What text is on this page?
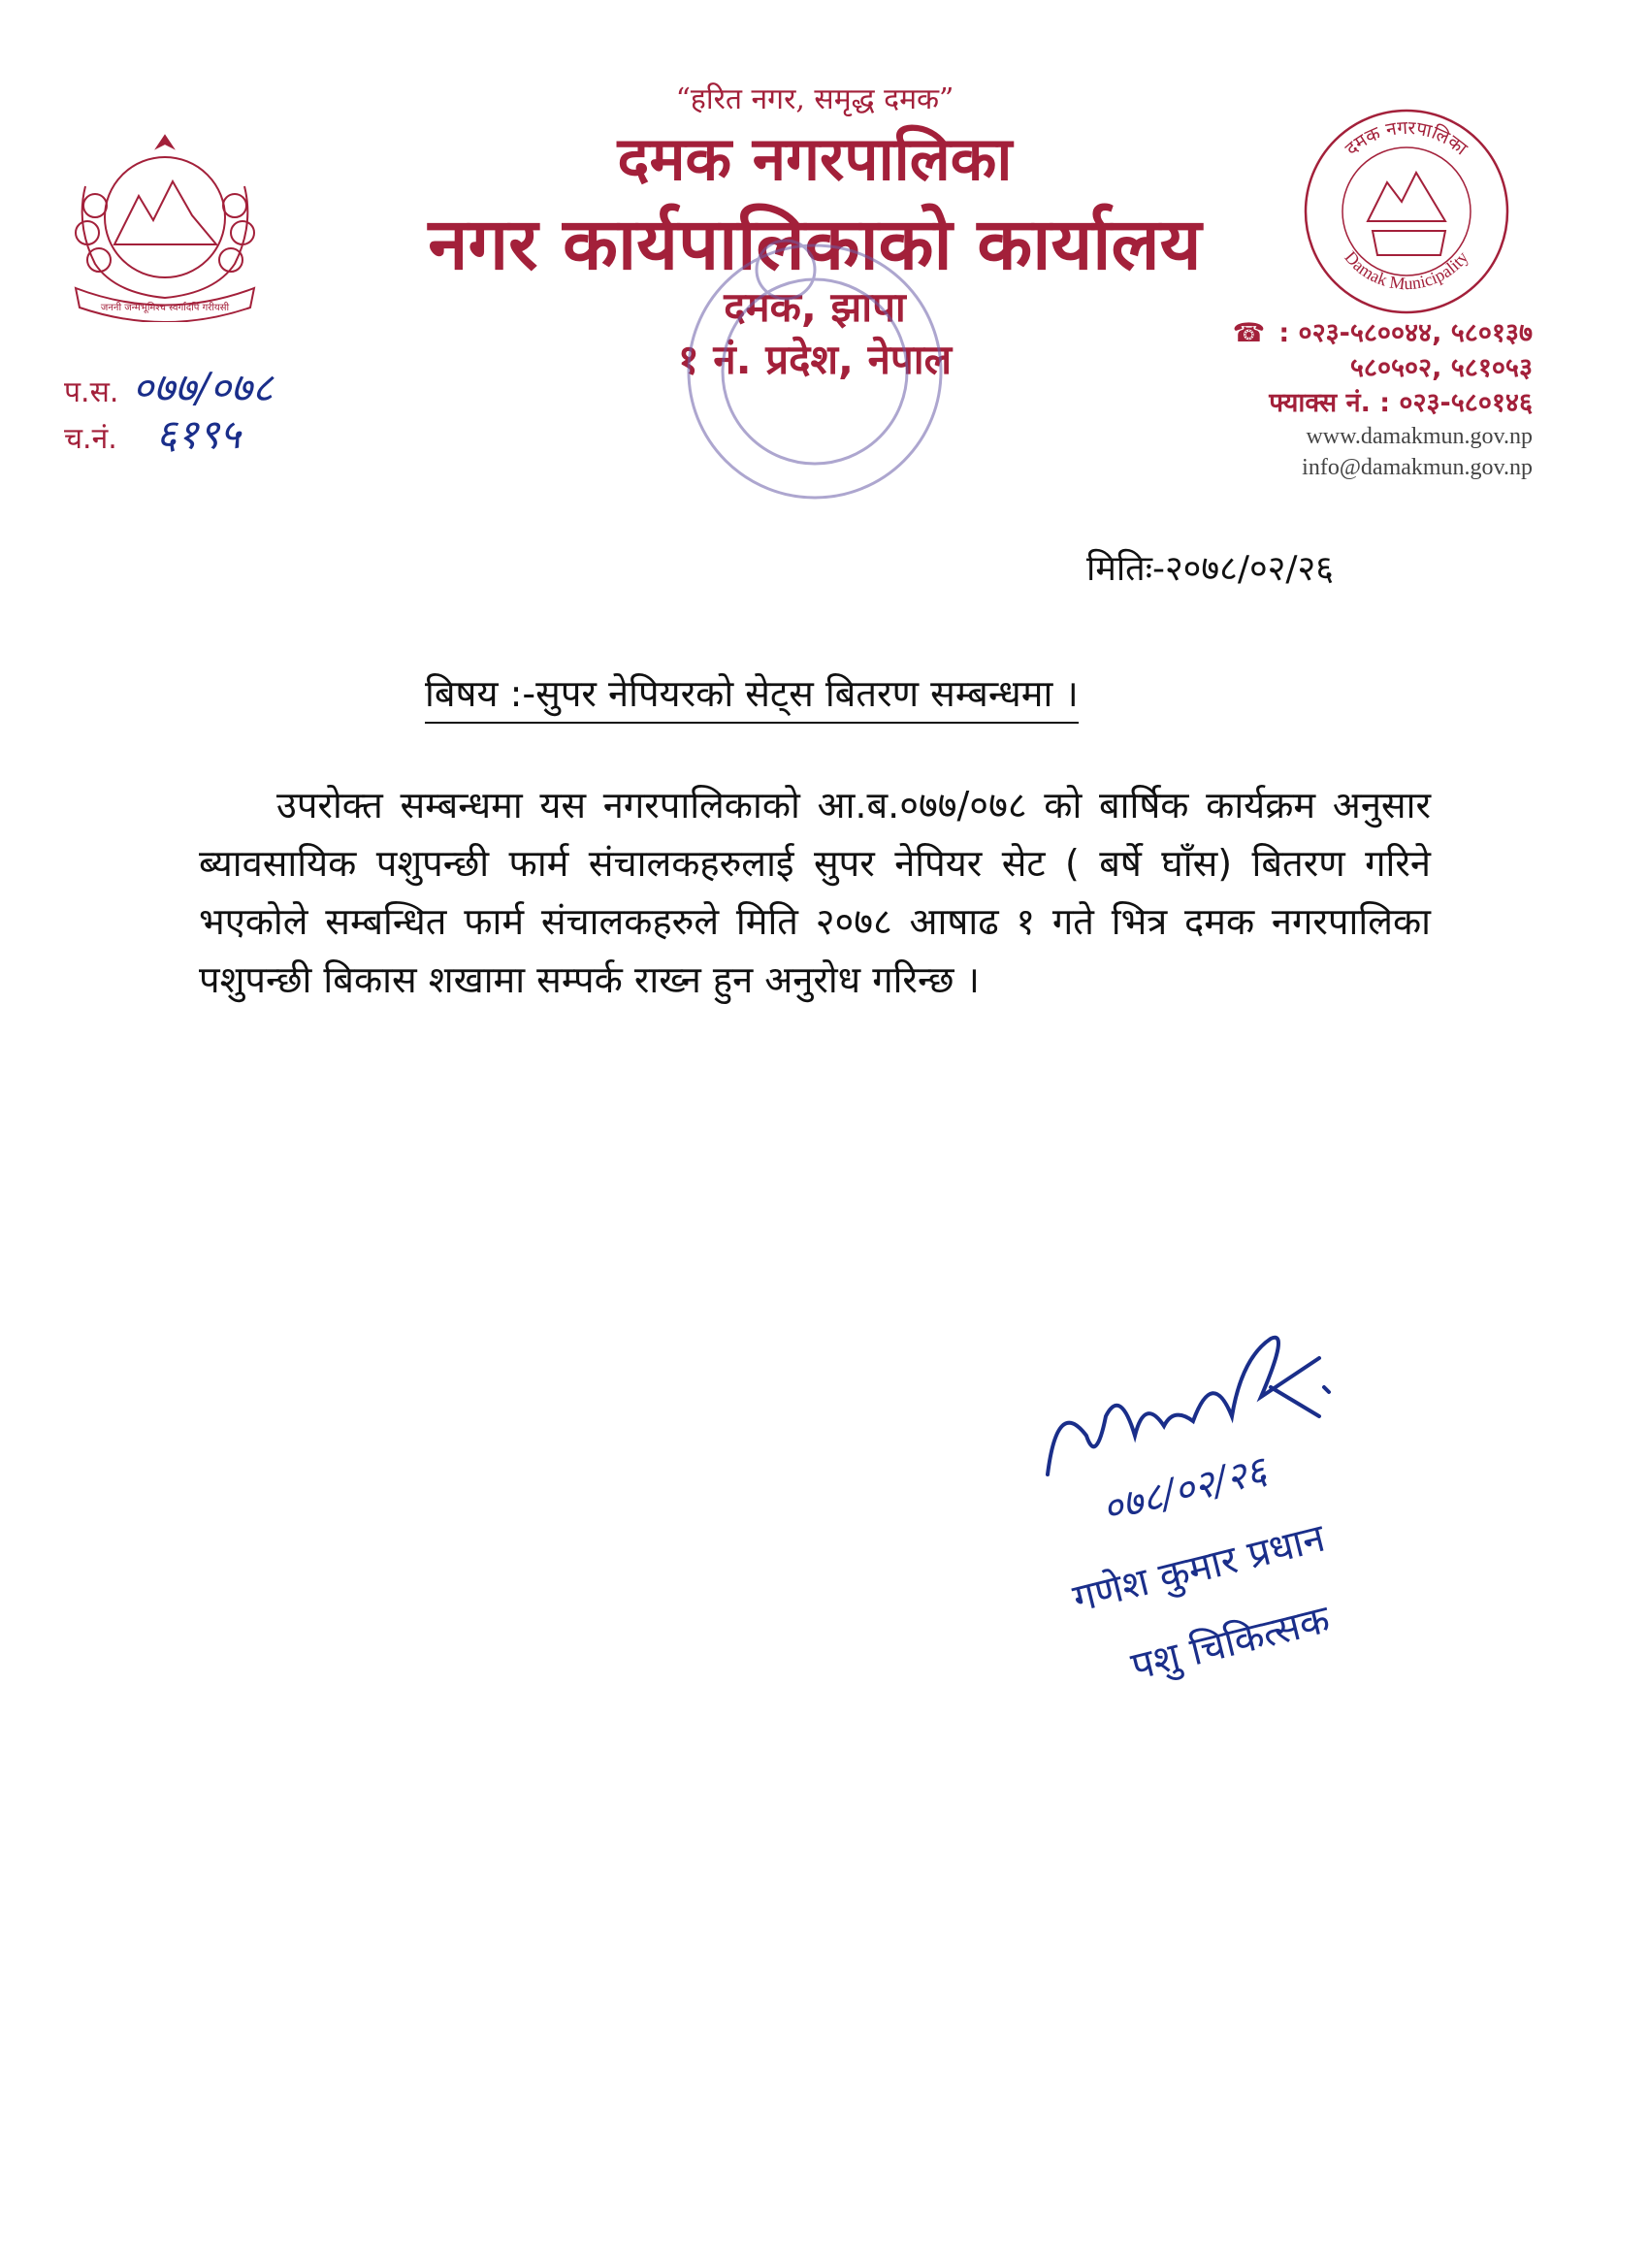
जननी जन्मभूमिश्च स्वर्गादपि गरीयसी
“हरित नगर, समृद्ध दमक”
दमक नगरपालिका
नगर कार्यपालिकाको कार्यालय
दमक, झापा
१ नं. प्रदेश, नेपाल
दमक नगरपालिका
Damak Municipality
प.स. ०७७/०७८
च.नं. ६१९५
☎ : ०२३-५८००४४, ५८०१३७
५८०५०२, ५८१०५३
फ्याक्स नं. : ०२३-५८०१४६
www.damakmun.gov.np
info@damakmun.gov.np
मितिः-२०७८/०२/२६
बिषय :-सुपर नेपियरको सेट्स बितरण सम्बन्धमा ।
उपरोक्त सम्बन्धमा यस नगरपालिकाको आ.ब.०७७/०७८ को बार्षिक कार्यक्रम अनुसार ब्यावसायिक पशुपन्छी फार्म संचालकहरुलाई सुपर नेपियर सेट ( बर्षे घाँस) बितरण गरिने भएकोले सम्बन्धित फार्म संचालकहरुले मिति २०७८ आषाढ १ गते भित्र दमक नगरपालिका पशुपन्छी बिकास शखामा सम्पर्क राख्न हुन अनुरोध गरिन्छ ।
०७८/०२/२६
गणेश कुमार प्रधान
पशु चिकित्सक
